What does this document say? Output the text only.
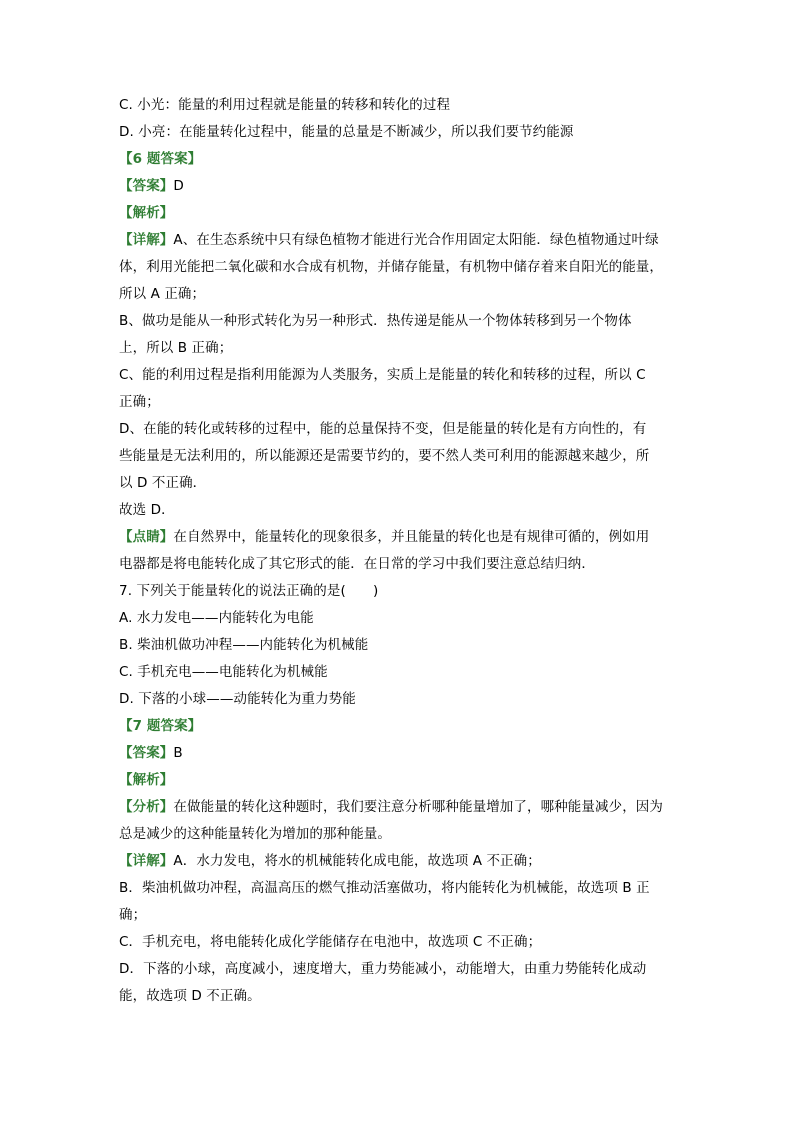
C. 小光：能量的利用过程就是能量的转移和转化的过程
D. 小亮：在能量转化过程中，能量的总量是不断减少，所以我们要节约能源
【6 题答案】
【答案】D
【解析】
【详解】A、在生态系统中只有绿色植物才能进行光合作用固定太阳能．绿色植物通过叶绿
体，利用光能把二氧化碳和水合成有机物，并储存能量，有机物中储存着来自阳光的能量，
所以 A 正确；
B、做功是能从一种形式转化为另一种形式．热传递是能从一个物体转移到另一个物体
上，所以 B 正确；
C、能的利用过程是指利用能源为人类服务，实质上是能量的转化和转移的过程，所以 C
正确；
D、在能的转化或转移的过程中，能的总量保持不变，但是能量的转化是有方向性的，有
些能量是无法利用的，所以能源还是需要节约的，要不然人类可利用的能源越来越少，所
以 D 不正确．
故选 D．
【点睛】在自然界中，能量转化的现象很多，并且能量的转化也是有规律可循的，例如用
电器都是将电能转化成了其它形式的能．在日常的学习中我们要注意总结归纳．
7. 下列关于能量转化的说法正确的是(　　)
A. 水力发电——内能转化为电能
B. 柴油机做功冲程——内能转化为机械能
C. 手机充电——电能转化为机械能
D. 下落的小球——动能转化为重力势能
【7 题答案】
【答案】B
【解析】
【分析】在做能量的转化这种题时，我们要注意分析哪种能量增加了，哪种能量减少，因为
总是减少的这种能量转化为增加的那种能量。
【详解】A．水力发电，将水的机械能转化成电能，故选项 A 不正确；
B．柴油机做功冲程，高温高压的燃气推动活塞做功，将内能转化为机械能，故选项 B 正
确；
C．手机充电，将电能转化成化学能储存在电池中，故选项 C 不正确；
D．下落的小球，高度减小，速度增大，重力势能减小，动能增大，由重力势能转化成动
能，故选项 D 不正确。
